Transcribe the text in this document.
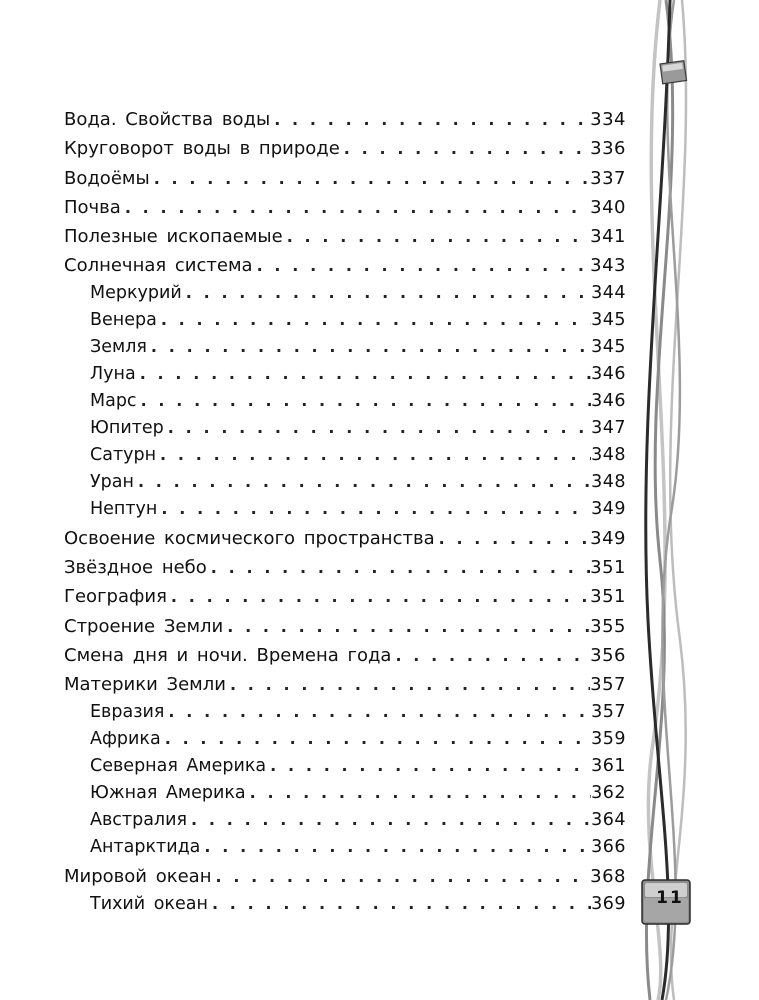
Вода. Свойства воды . . .	334
Круговорот воды в природе . . .	336
Водоёмы . . .	337
Почва . . .	340
Полезные ископаемые . . .	341
Солнечная система . . .	343
Меркурий . . .	344
Венера . . .	345
Земля . . .	345
Луна . . .	346
Марс . . .	346
Юпитер . . .	347
Сатурн . . .	348
Уран . . .	348
Нептун . . .	349
Освоение космического пространства . . .	349
Звёздное небо . . .	351
География . . .	351
Строение Земли . . .	355
Смена дня и ночи. Времена года . . .	356
Материки Земли . . .	357
Евразия . . .	357
Африка . . .	359
Северная Америка . . .	361
Южная Америка . . .	362
Австралия . . .	364
Антарктида . . .	366
Мировой океан . . .	368
Тихий океан . . .	369	11
